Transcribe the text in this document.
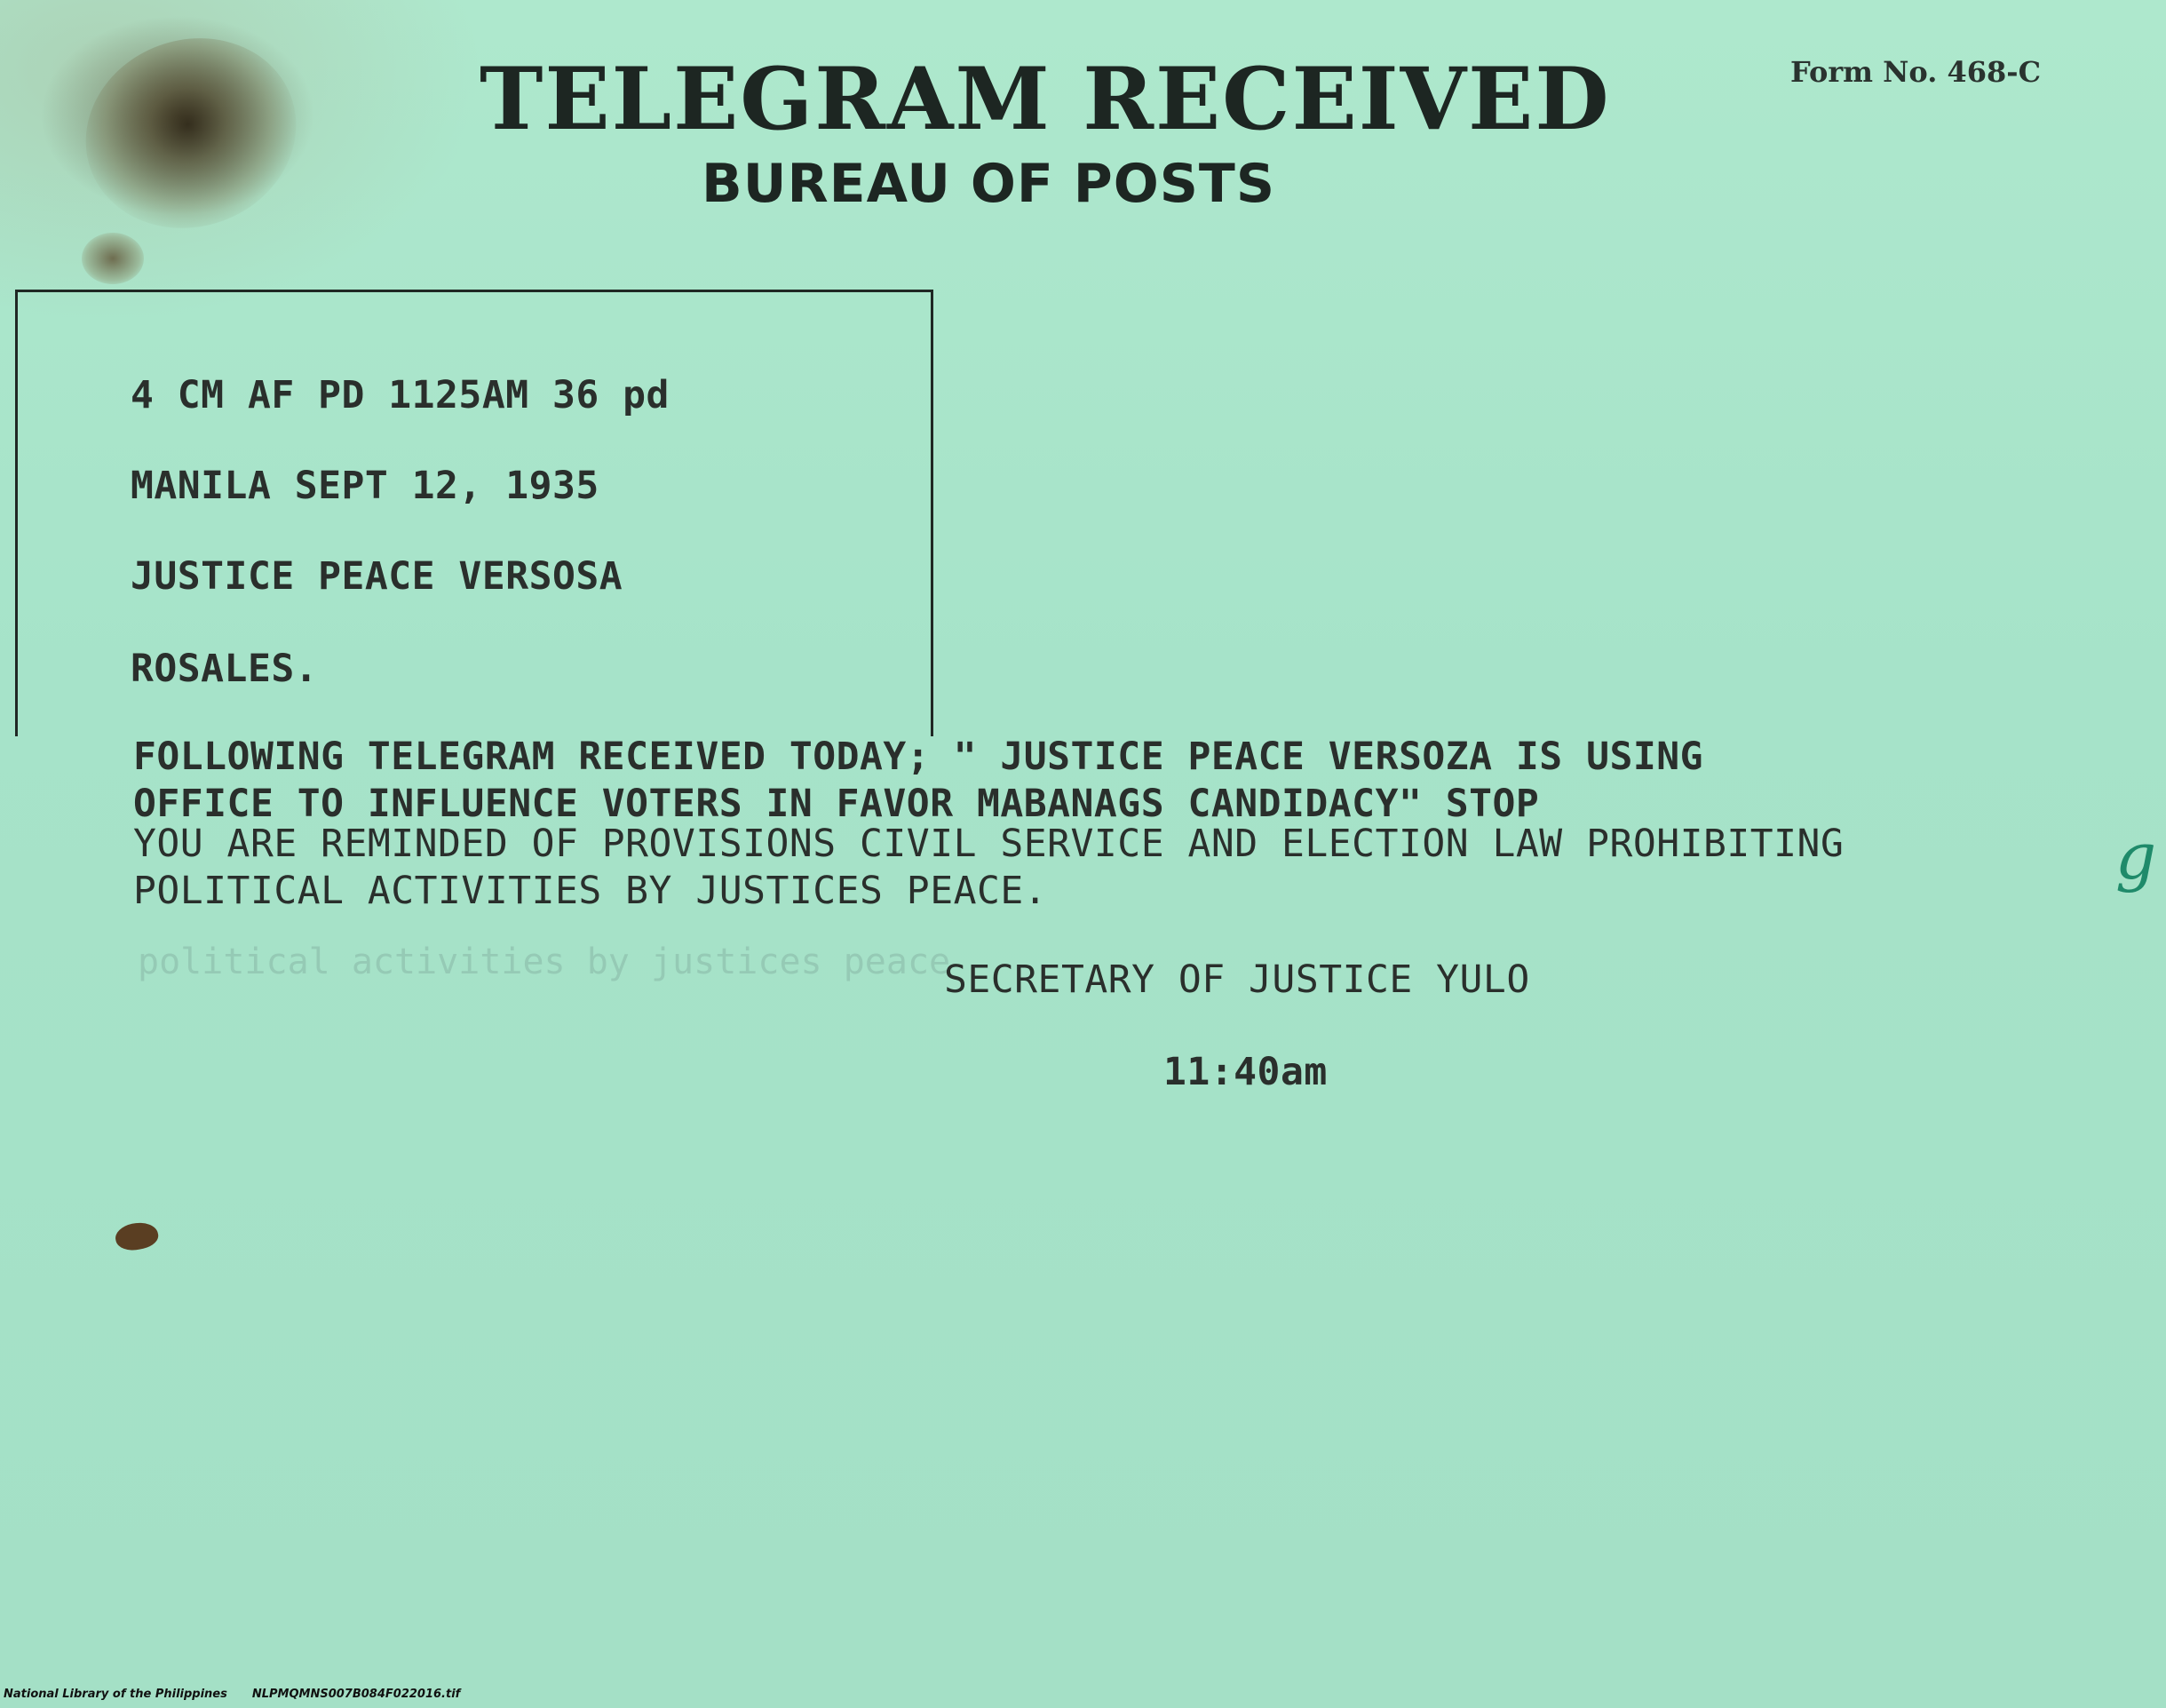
TELEGRAM RECEIVED
BUREAU OF POSTS
Form No. 468-C
4 CM AF PD 1125AM 36 pd
MANILA SEPT 12, 1935
JUSTICE PEACE VERSOSA
ROSALES.
FOLLOWING TELEGRAM RECEIVED TODAY; " JUSTICE PEACE VERSOZA IS USING
OFFICE TO INFLUENCE VOTERS IN FAVOR MABANAGS CANDIDACY" STOP
YOU ARE REMINDED OF PROVISIONS CIVIL SERVICE AND ELECTION LAW PROHIBITING
POLITICAL ACTIVITIES BY JUSTICES PEACE.	g
political activities by justices peace
SECRETARY OF JUSTICE YULO
11:40am
National Library of the Philippines NLPMQMNS007B084F022016.tif
